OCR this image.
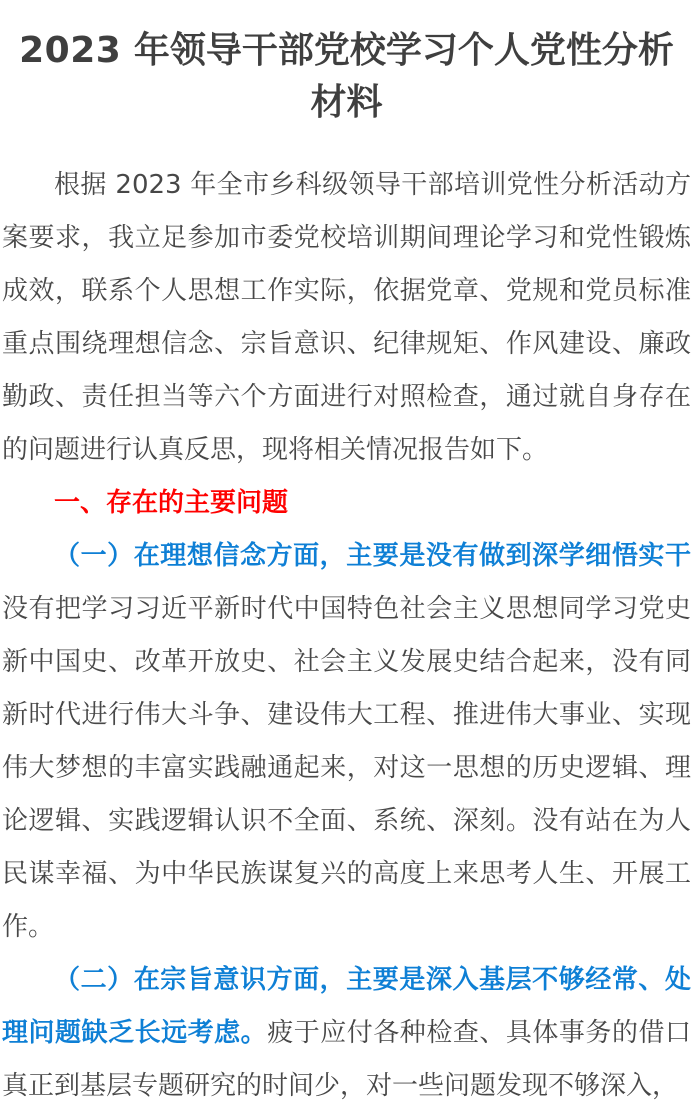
2023 年领导干部党校学习个人党性分析材料

根据 2023 年全市乡科级领导干部培训党性分析活动方案要求，我立足参加市委党校培训期间理论学习和党性锻炼成效，联系个人思想工作实际，依据党章、党规和党员标准重点围绕理想信念、宗旨意识、纪律规矩、作风建设、廉政勤政、责任担当等六个方面进行对照检查，通过就自身存在的问题进行认真反思，现将相关情况报告如下。

一、存在的主要问题

（一）在理想信念方面，主要是没有做到深学细悟实干没有把学习习近平新时代中国特色社会主义思想同学习党史新中国史、改革开放史、社会主义发展史结合起来，没有同新时代进行伟大斗争、建设伟大工程、推进伟大事业、实现伟大梦想的丰富实践融通起来，对这一思想的历史逻辑、理论逻辑、实践逻辑认识不全面、系统、深刻。没有站在为人民谋幸福、为中华民族谋复兴的高度上来思考人生、开展工作。

（二）在宗旨意识方面，主要是深入基层不够经常、处理问题缺乏长远考虑。疲于应付各种检查、具体事务的借口真正到基层专题研究的时间少，对一些问题发现不够深入，
